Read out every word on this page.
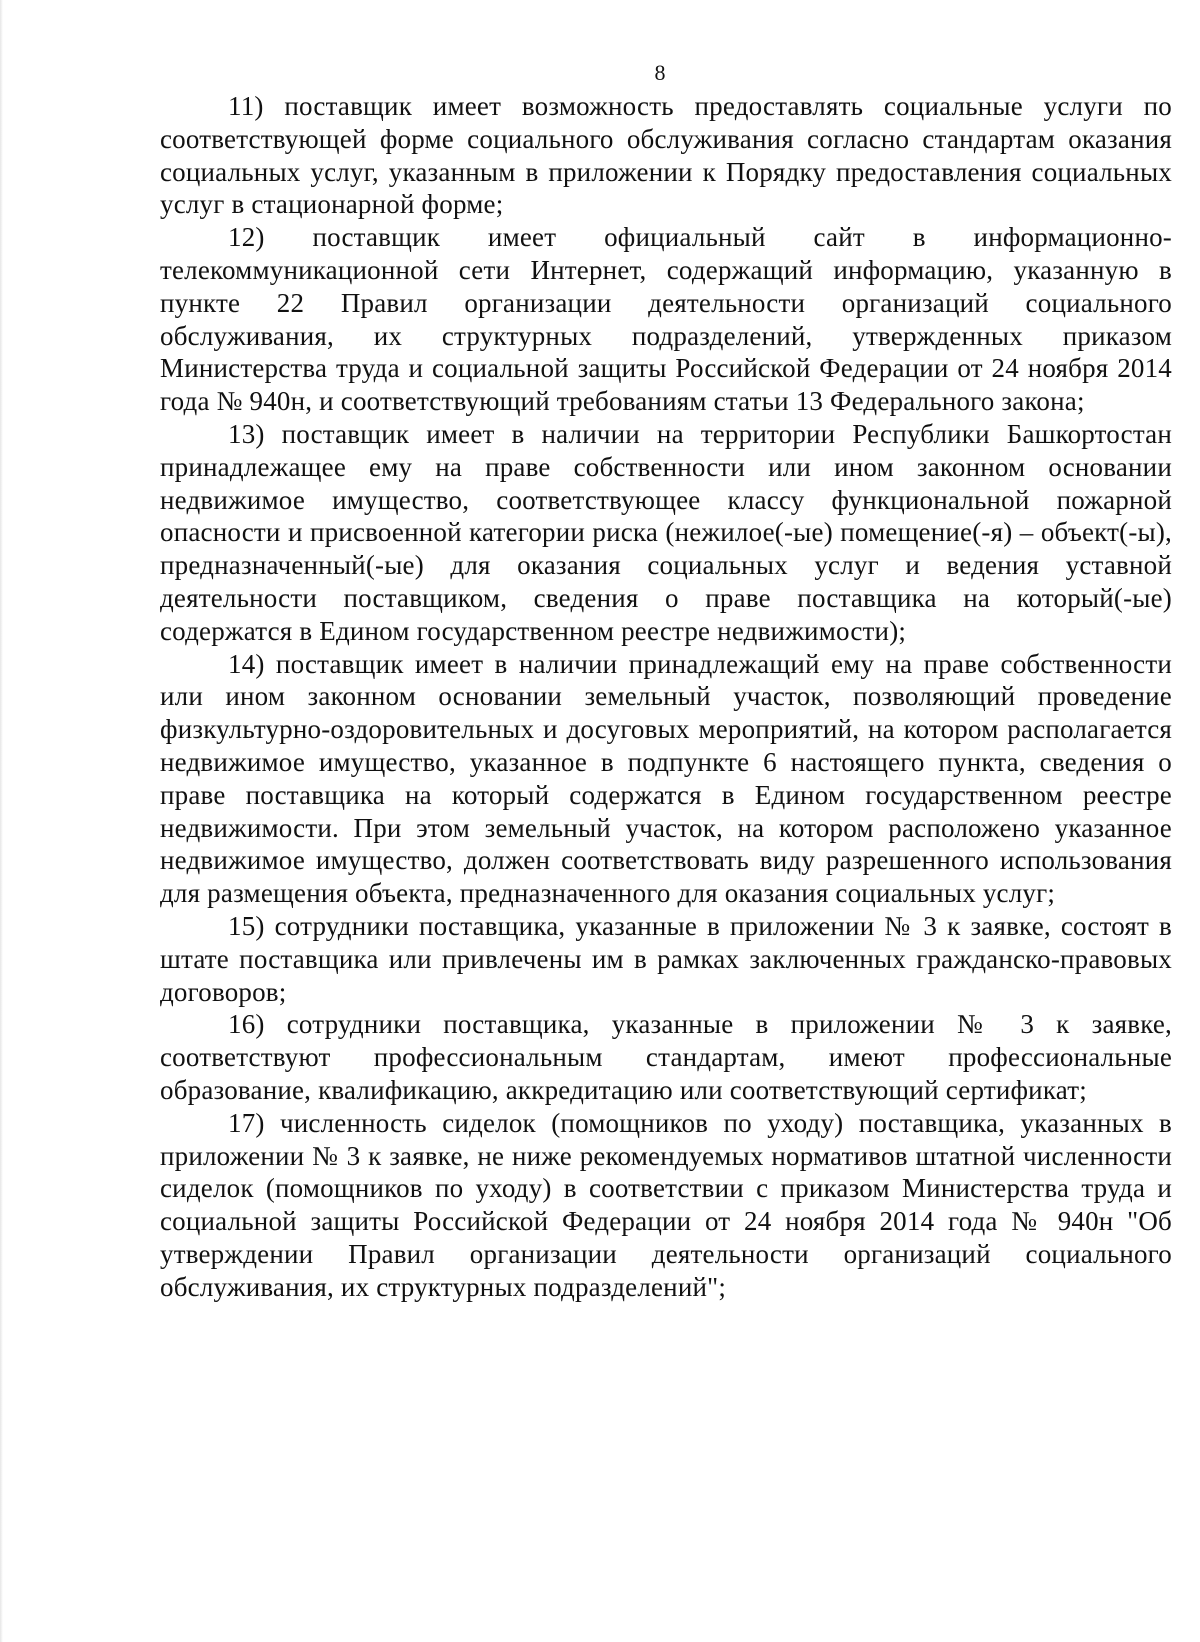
8

11) поставщик имеет возможность предоставлять социальные услуги по соответствующей форме социального обслуживания согласно стандартам оказания социальных услуг, указанным в приложении к Порядку предоставления социальных услуг в стационарной форме;

12) поставщик имеет официальный сайт в информационно-телекоммуникационной сети Интернет, содержащий информацию, указанную в пункте 22 Правил организации деятельности организаций социального обслуживания, их структурных подразделений, утвержденных приказом Министерства труда и социальной защиты Российской Федерации от 24 ноября 2014 года № 940н, и соответствующий требованиям статьи 13 Федерального закона;

13) поставщик имеет в наличии на территории Республики Башкортостан принадлежащее ему на праве собственности или ином законном основании недвижимое имущество, соответствующее классу функциональной пожарной опасности и присвоенной категории риска (нежилое(-ые) помещение(-я) – объект(-ы), предназначенный(-ые) для оказания социальных услуг и ведения уставной деятельности поставщиком, сведения о праве поставщика на который(-ые) содержатся в Едином государственном реестре недвижимости);

14) поставщик имеет в наличии принадлежащий ему на праве собственности или ином законном основании земельный участок, позволяющий проведение физкультурно-оздоровительных и досуговых мероприятий, на котором располагается недвижимое имущество, указанное в подпункте 6 настоящего пункта, сведения о праве поставщика на который содержатся в Едином государственном реестре недвижимости. При этом земельный участок, на котором расположено указанное недвижимое имущество, должен соответствовать виду разрешенного использования для размещения объекта, предназначенного для оказания социальных услуг;

15) сотрудники поставщика, указанные в приложении № 3 к заявке, состоят в штате поставщика или привлечены им в рамках заключенных гражданско-правовых договоров;

16) сотрудники поставщика, указанные в приложении № 3 к заявке, соответствуют профессиональным стандартам, имеют профессиональные образование, квалификацию, аккредитацию или соответствующий сертификат;

17) численность сиделок (помощников по уходу) поставщика, указанных в приложении № 3 к заявке, не ниже рекомендуемых нормативов штатной численности сиделок (помощников по уходу) в соответствии с приказом Министерства труда и социальной защиты Российской Федерации от 24 ноября 2014 года № 940н "Об утверждении Правил организации деятельности организаций социального обслуживания, их структурных подразделений";
